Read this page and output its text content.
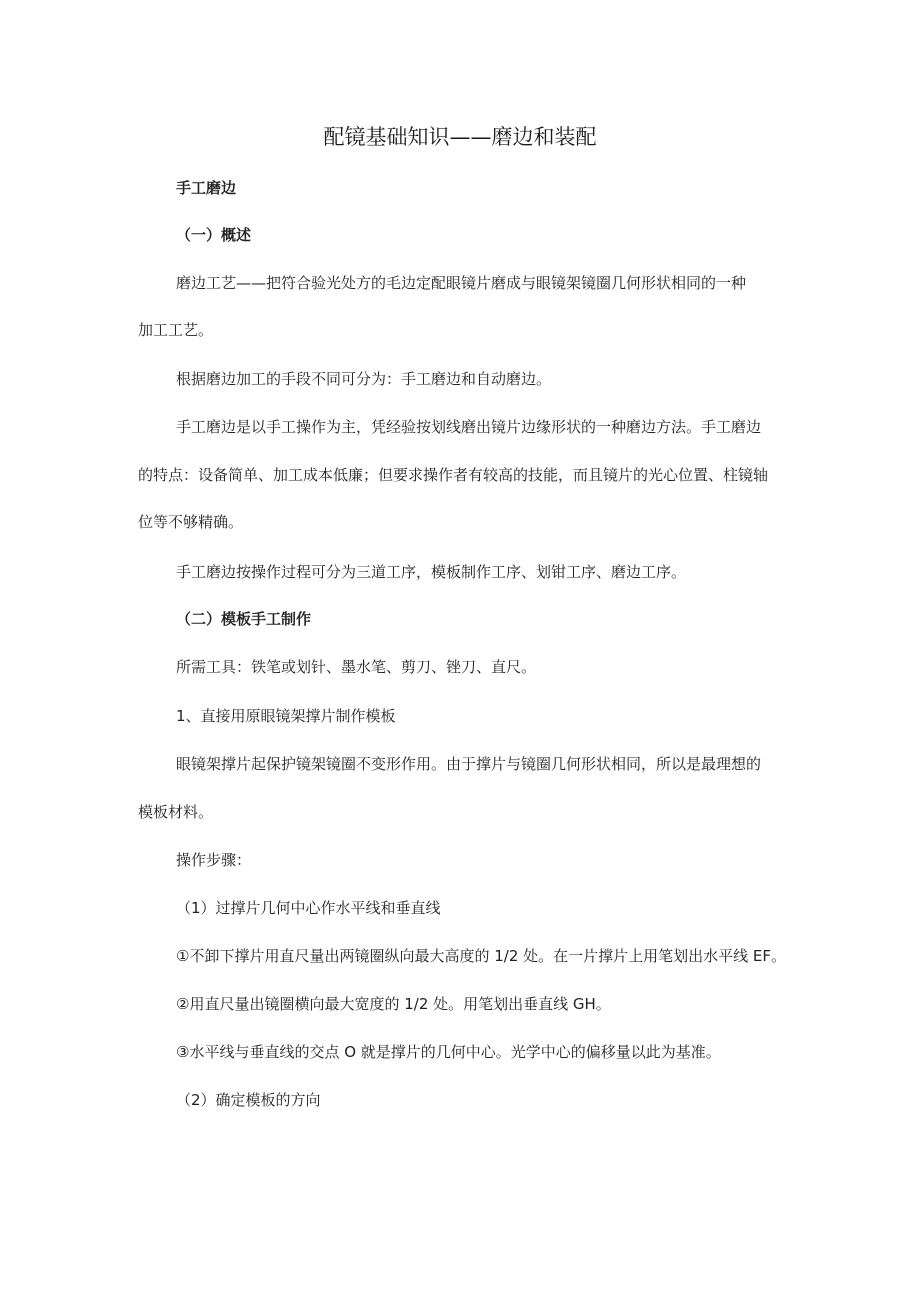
配镜基础知识——磨边和装配
手工磨边
（一）概述
磨边工艺——把符合验光处方的毛边定配眼镜片磨成与眼镜架镜圈几何形状相同的一种
加工工艺。
根据磨边加工的手段不同可分为：手工磨边和自动磨边。
手工磨边是以手工操作为主，凭经验按划线磨出镜片边缘形状的一种磨边方法。手工磨边
的特点：设备简单、加工成本低廉；但要求操作者有较高的技能，而且镜片的光心位置、柱镜轴
位等不够精确。
手工磨边按操作过程可分为三道工序，模板制作工序、划钳工序、磨边工序。
（二）模板手工制作
所需工具：铁笔或划针、墨水笔、剪刀、锉刀、直尺。
1、直接用原眼镜架撑片制作模板
眼镜架撑片起保护镜架镜圈不变形作用。由于撑片与镜圈几何形状相同，所以是最理想的
模板材料。
操作步骤：
（1）过撑片几何中心作水平线和垂直线
①不卸下撑片用直尺量出两镜圈纵向最大高度的 1/2 处。在一片撑片上用笔划出水平线 EF。
②用直尺量出镜圈横向最大宽度的 1/2 处。用笔划出垂直线 GH。
③水平线与垂直线的交点 O 就是撑片的几何中心。光学中心的偏移量以此为基准。
（2）确定模板的方向
